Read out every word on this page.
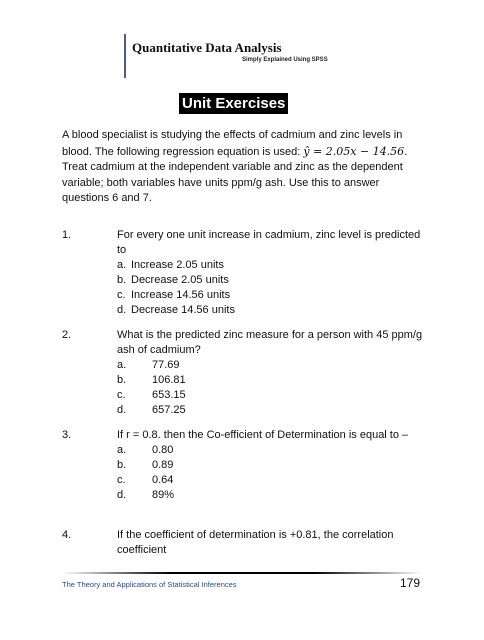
Quantitative Data Analysis
Simply Explained Using SPSS
Unit Exercises

A blood specialist is studying the effects of cadmium and zinc levels in blood. The following regression equation is used: ŷ = 2.05x − 14.56. Treat cadmium at the independent variable and zinc as the dependent variable; both variables have units ppm/g ash. Use this to answer questions 6 and 7.

1.	For every one unit increase in cadmium, zinc level is predicted to
a. Increase 2.05 units
b. Decrease 2.05 units
c. Increase 14.56 units
d. Decrease 14.56 units
2.	What is the predicted zinc measure for a person with 45 ppm/g ash of cadmium?
a.	77.69
b.	106.81
c.	653.15
d.	657.25
3.	If r = 0.8. then the Co-efficient of Determination is equal to –
a.	0.80
b.	0.89
c.	0.64
d.	89%
4.	If the coefficient of determination is +0.81, the correlation coefficient
The Theory and Applications of Statistical Inferences	179
